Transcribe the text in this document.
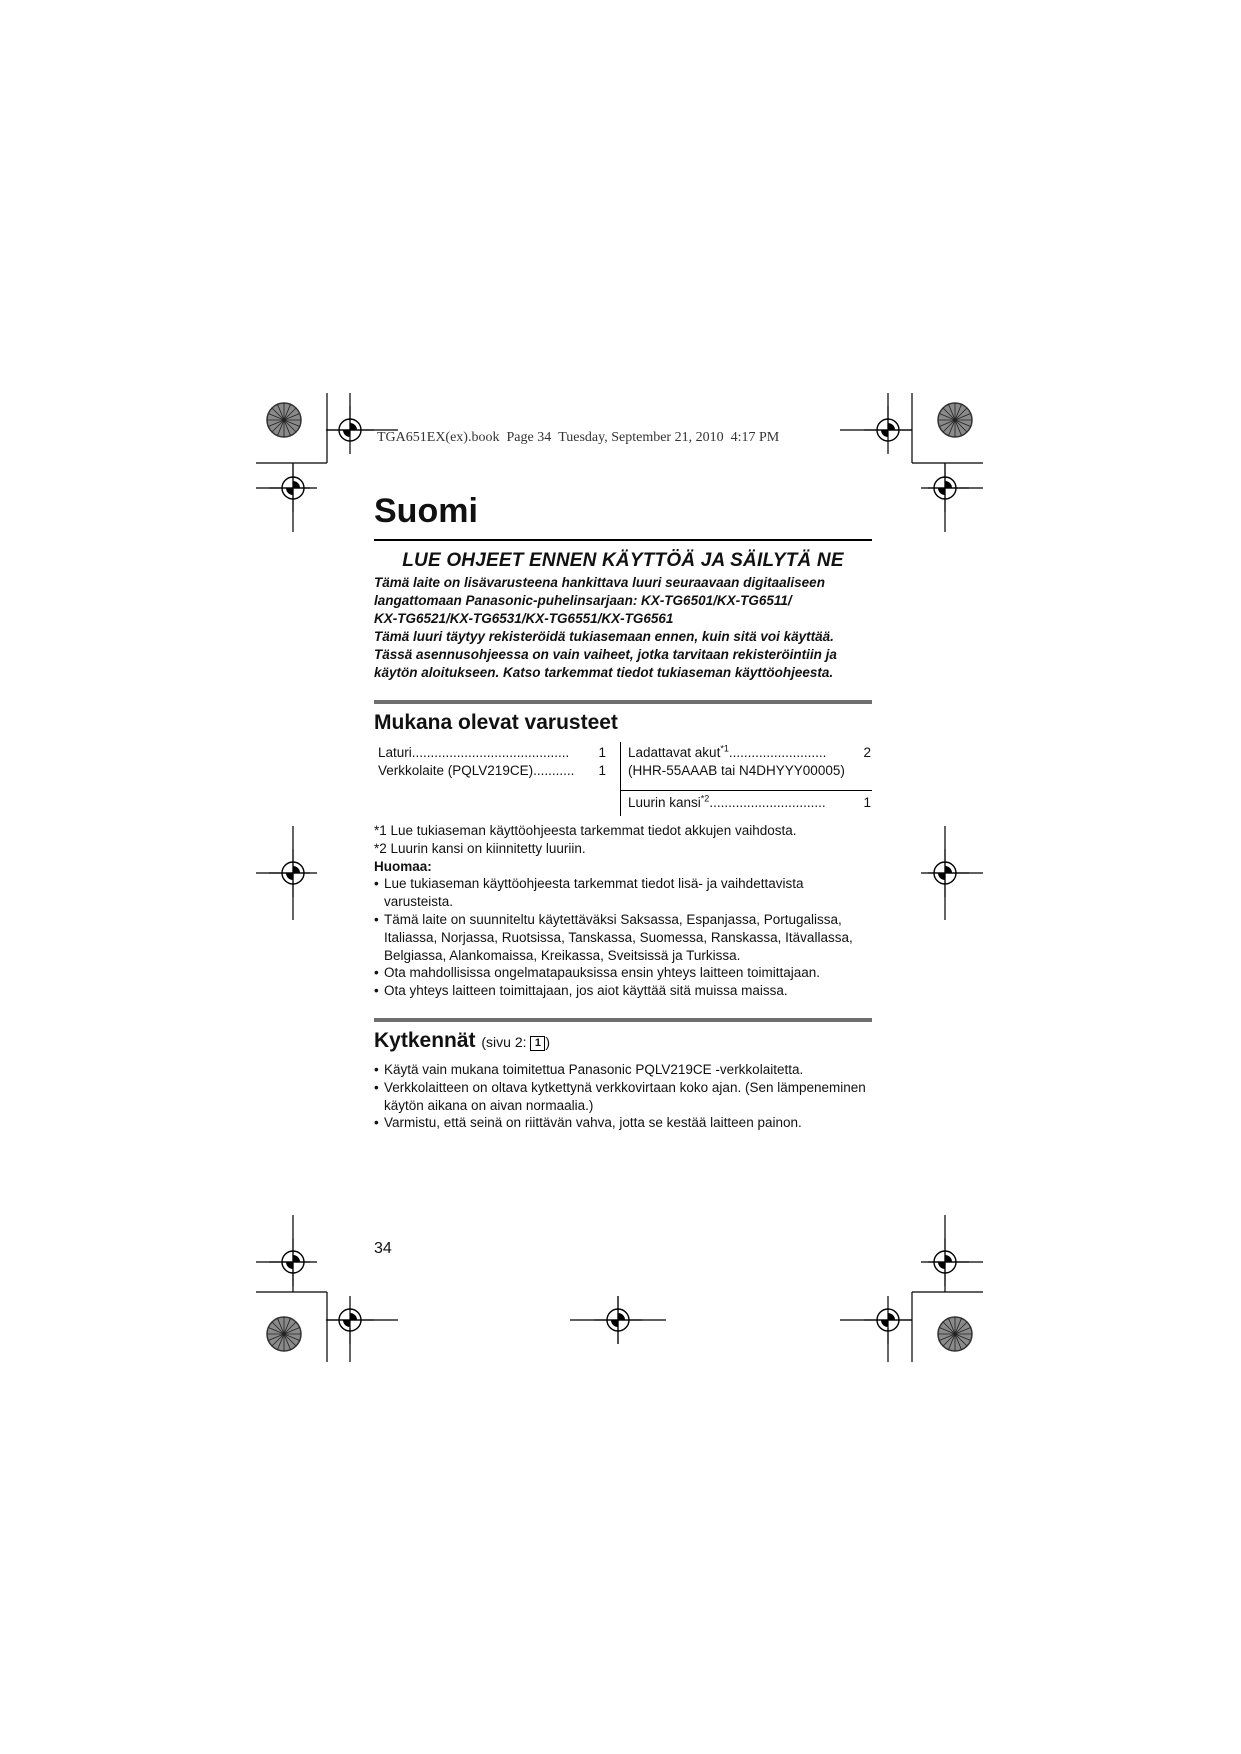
TGA651EX(ex).book Page 34 Tuesday, September 21, 2010 4:17 PM
Suomi
LUE OHJEET ENNEN KÄYTTÖÄ JA SÄILYTÄ NE

Tämä laite on lisävarusteena hankittava luuri seuraavaan digitaaliseen

langattomaan Panasonic-puhelinsarjaan: KX-TG6501/KX-TG6511/

KX-TG6521/KX-TG6531/KX-TG6551/KX-TG6561

Tämä luuri täytyy rekisteröidä tukiasemaan ennen, kuin sitä voi käyttää.

Tässä asennusohjeessa on vain vaiheet, jotka tarvitaan rekisteröintiin ja

käytön aloitukseen. Katso tarkemmat tiedot tukiaseman käyttöohjeesta.

Mukana olevat varusteet
Laturi.......................................... 1
Verkkolaite (PQLV219CE)........... 1
Ladattavat akut$^{*1}$..........................	2
(HHR-55AAAB tai N4DHYYY00005)
Luurin kansi$^{*2}$...............................	1

*1 Lue tukiaseman käyttöohjeesta tarkemmat tiedot akkujen vaihdosta.

*2 Luurin kansi on kiinnitetty luuriin.

Huomaa:

• Lue tukiaseman käyttöohjeesta tarkemmat tiedot lisä- ja vaihdettavista varusteista.
• Tämä laite on suunniteltu käytettäväksi Saksassa, Espanjassa, Portugalissa, Italiassa, Norjassa, Ruotsissa, Tanskassa, Suomessa, Ranskassa, Itävallassa, Belgiassa, Alankomaissa, Kreikassa, Sveitsissä ja Turkissa.
• Ota mahdollisissa ongelmatapauksissa ensin yhteys laitteen toimittajaan.
• Ota yhteys laitteen toimittajaan, jos aiot käyttää sitä muissa maissa.
Kytkennät (sivu 2: 1 )
• Käytä vain mukana toimitettua Panasonic PQLV219CE -verkkolaitetta.
• Verkkolaitteen on oltava kytkettynä verkkovirtaan koko ajan. (Sen lämpeneminen käytön aikana on aivan normaalia.)
• Varmistu, että seinä on riittävän vahva, jotta se kestää laitteen painon.
34
